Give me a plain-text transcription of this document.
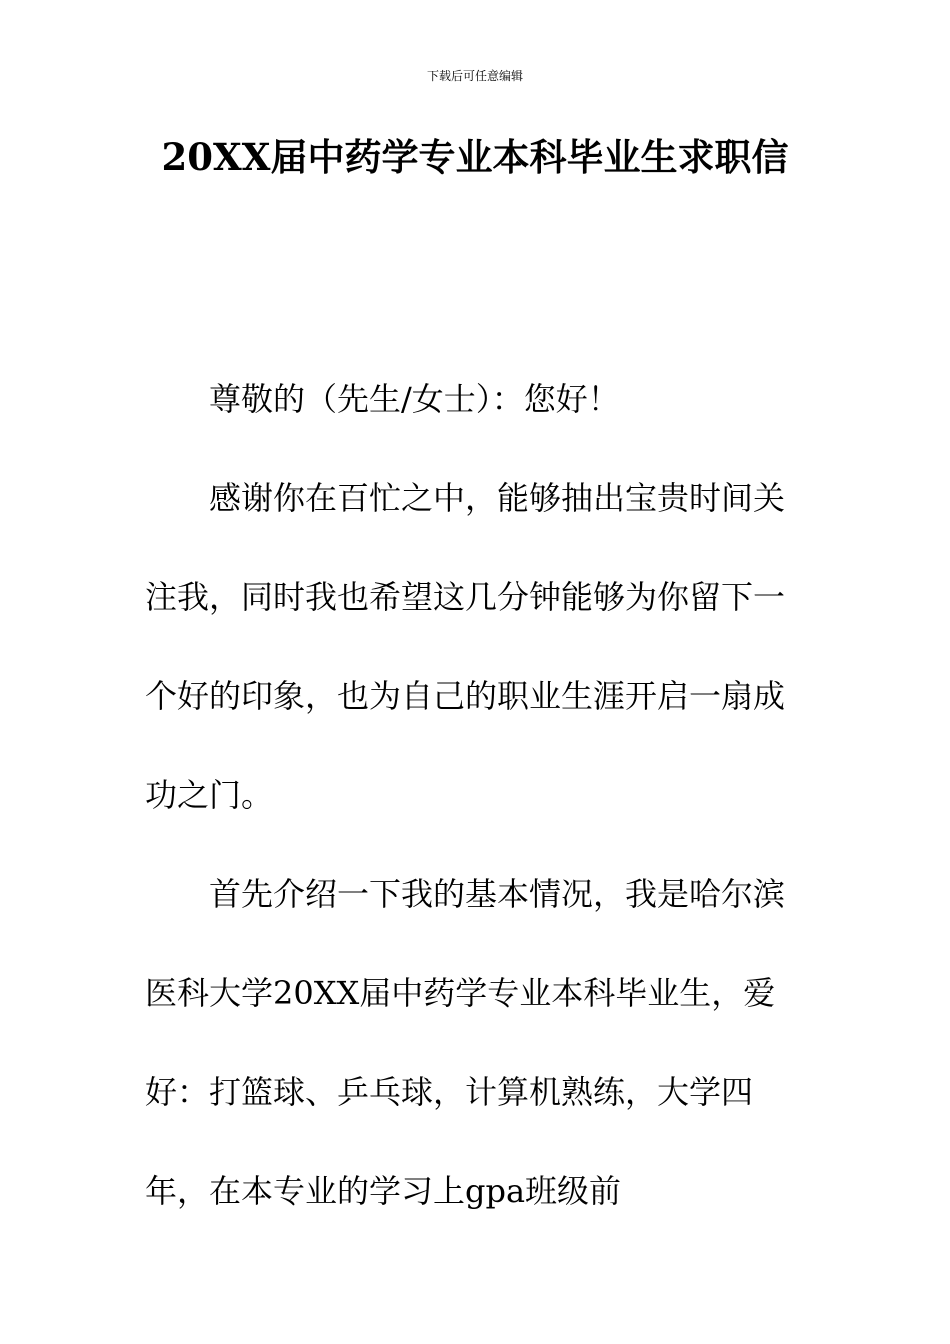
下载后可任意编辑
20XX届中药学专业本科毕业生求职信

尊敬的（先生/女士）：您好！

感谢你在百忙之中，能够抽出宝贵时间关注我，同时我也希望这几分钟能够为你留下一个好的印象，也为自己的职业生涯开启一扇成功之门。

首先介绍一下我的基本情况，我是哈尔滨医科大学20XX届中药学专业本科毕业生，爱好：打篮球、乒乓球，计算机熟练，大学四年，在本专业的学习上gpa班级前
